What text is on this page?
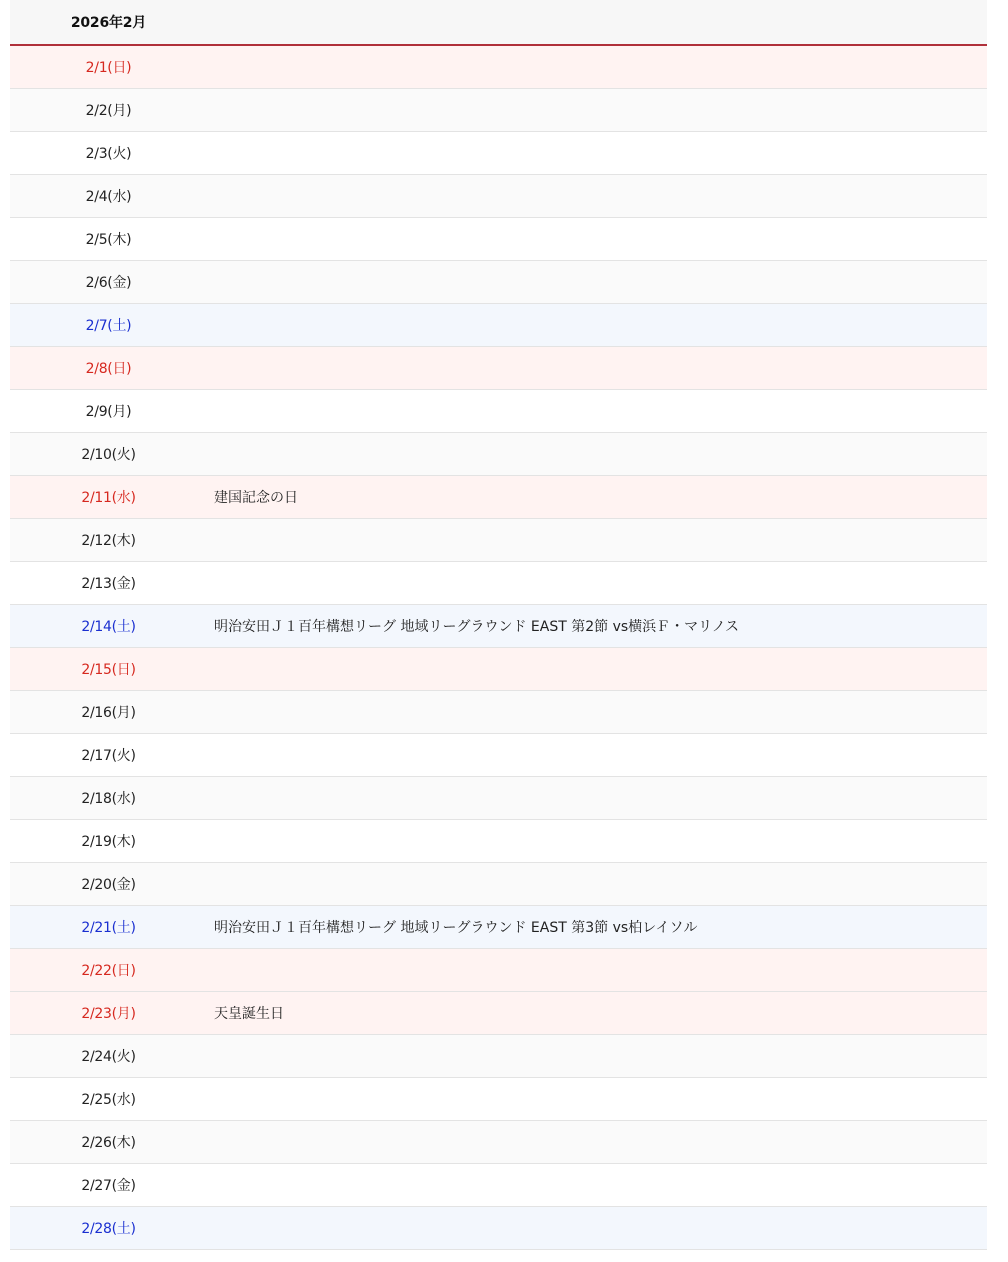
2026年2月
2/1(日)
2/2(月)
2/3(火)
2/4(水)
2/5(木)
2/6(金)
2/7(土)
2/8(日)
2/9(月)
2/10(火)
2/11(水)	建国記念の日
2/12(木)
2/13(金)
2/14(土)	明治安田Ｊ１百年構想リーグ 地域リーグラウンド EAST 第2節 vs横浜Ｆ・マリノス
2/15(日)
2/16(月)
2/17(火)
2/18(水)
2/19(木)
2/20(金)
2/21(土)	明治安田Ｊ１百年構想リーグ 地域リーグラウンド EAST 第3節 vs柏レイソル
2/22(日)
2/23(月)	天皇誕生日
2/24(火)
2/25(水)
2/26(木)
2/27(金)
2/28(土)
